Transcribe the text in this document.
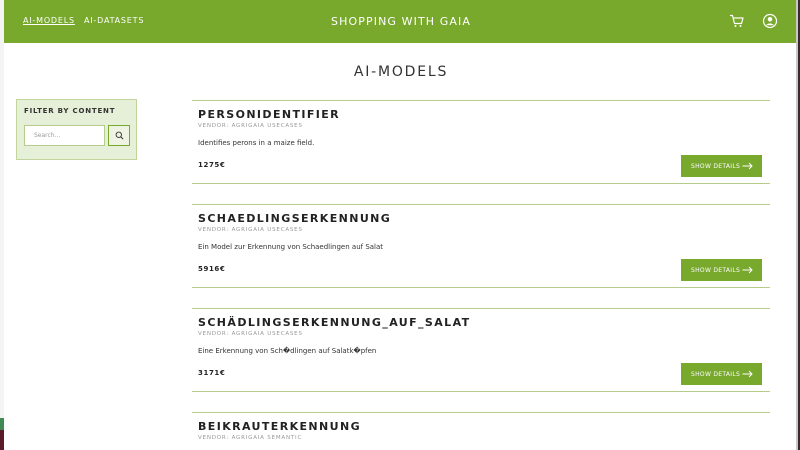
AI-MODELS AI-DATASETS	SHOPPING WITH GAIA
AI-MODELS
FILTER BY CONTENT
Search...	PERSONIDENTIFIER
VENDOR: AGRIGAIA USECASES
Identifies perons in a maize field.
1275€	SHOW DETAILS
SCHAEDLINGSERKENNUNG
VENDOR: AGRIGAIA USECASES
Ein Model zur Erkennung von Schaedlingen auf Salat
5916€	SHOW DETAILS
SCHÄDLINGSERKENNUNG_AUF_SALAT
VENDOR: AGRIGAIA USECASES
Eine Erkennung von Sch�dlingen auf Salatk�pfen
3171€	SHOW DETAILS
BEIKRAUTERKENNUNG
VENDOR: AGRIGAIA SEMANTIC
